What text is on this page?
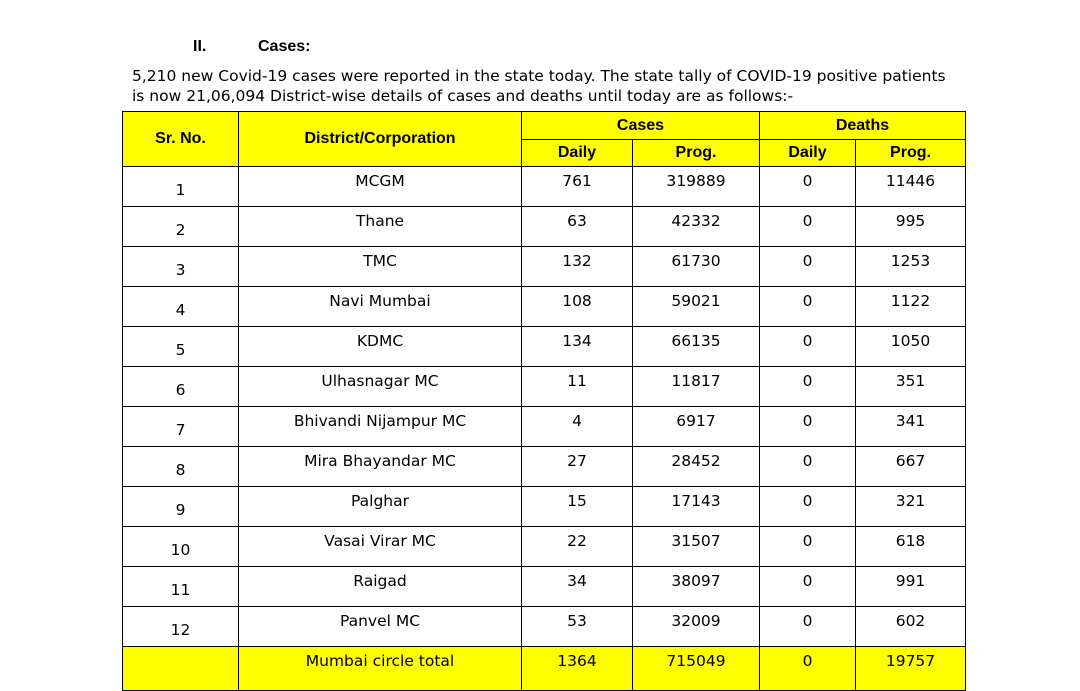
II.	Cases:
5,210 new Covid-19 cases were reported in the state today. The state tally of COVID-19 positive patients
is now 21,06,094 District-wise details of cases and deaths until today are as follows:-
Sr. No.	District/Corporation	Cases		Deaths	
		Daily	Prog.	Daily	Prog.
1	MCGM	761	319889	0	11446
2	Thane	63	42332	0	995
3	TMC	132	61730	0	1253
4	Navi Mumbai	108	59021	0	1122
5	KDMC	134	66135	0	1050
6	Ulhasnagar MC	11	11817	0	351
7	Bhivandi Nijampur MC	4	6917	0	341
8	Mira Bhayandar MC	27	28452	0	667
9	Palghar	15	17143	0	321
10	Vasai Virar MC	22	31507	0	618
11	Raigad	34	38097	0	991
12	Panvel MC	53	32009	0	602
	Mumbai circle total	1364	715049	0	19757
